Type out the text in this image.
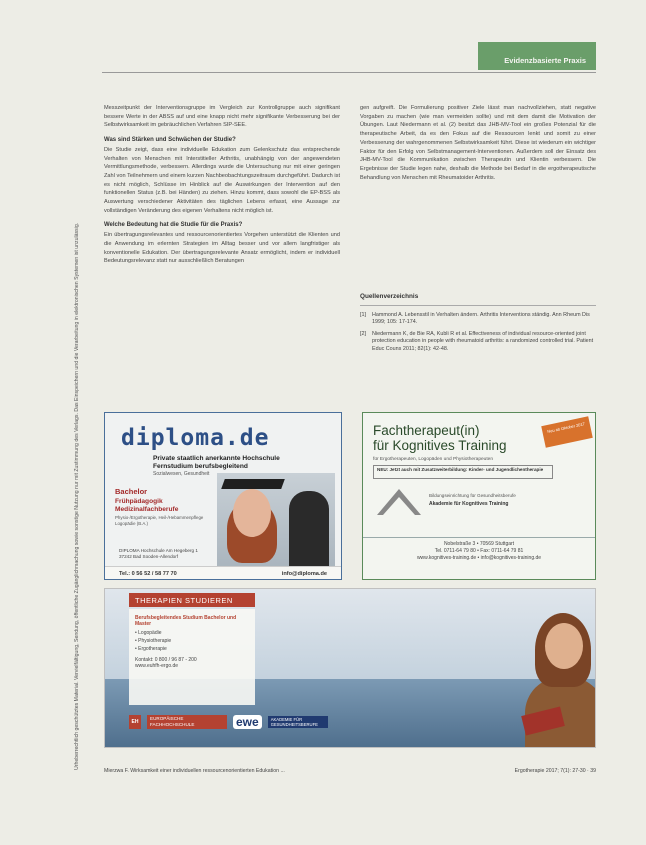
Urheberrechtlich geschütztes Material. Vervielfältigung, Sendung, öffentliche Zugänglichmachung sowie sonstige Nutzung nur mit Zustimmung des Verlags. Das Einspeichern und die Verarbeitung in elektronischen Systemen ist unzulässig.
Evidenzbasierte Praxis

Messzeitpunkt der Interventionsgruppe im Vergleich zur Kontrollgruppe auch signifikant bessere Werte in der ABSS auf und eine knapp nicht mehr signifikante Verbesserung bei der Selbstwirksamkeit im gebräuchlichen Verfahren SIP-SEE.

Was sind Stärken und Schwächen der Studie?

Die Studie zeigt, dass eine individuelle Edukation zum Gelenkschutz das entsprechende Verhalten von Menschen mit Interstitieller Arthritis, unabhängig von der angewendeten Vermittlungsmethode, verbessern. Allerdings wurde die Untersuchung nur mit einer geringen Zahl von Teilnehmern und einem kurzen Nachbeobachtungszeitraum durchgeführt. Dadurch ist es nicht möglich, Schlüsse im Hinblick auf die Auswirkungen der Intervention auf den funktionellen Status (z.B. bei Händen) zu ziehen. Hinzu kommt, dass sowohl die EP-BSS als Auswertung verschiedener Aktivitäten des täglichen Lebens erfasst, eine Aussage zur vollständigen Veränderung des eigenen Verhaltens nicht möglich ist.

Welche Bedeutung hat die Studie für die Praxis?

Ein übertragungsrelevantes und ressourcenorientiertes Vorgehen unterstützt die Klienten und die Anwendung im erlernten Strategien im Alltag besser und vor allem langfristiger als konventionelle Edukation. Der übertragungsrelevante Ansatz ermöglicht, indem er individuell Bedeutungsrelevanz statt nur ausschließlich Beratungen

gen aufgreift. Die Formulierung positiver Ziele lässt man nachvollziehen, statt negative Vorgaben zu machen (wie man vermeiden sollte) und mit dem damit die Motivation der Übungen. Laut Niedermann et al. (2) besitzt das JHB-MV-Tool ein großes Potenzial für die therapeutische Arbeit, da es den Fokus auf die Ressourcen lenkt und somit zu einer Verbesserung der wahrgenommenen Selbstwirksamkeit führt. Diese ist wiederum ein wichtiger Faktor für den Erfolg von Selbstmanagement-Interventionen. Außerdem soll der Einsatz des JHB-MV-Tool die Kommunikation zwischen Therapeutin und Klientin verbessern. Die Ergebnisse der Studie legen nahe, deshalb die Methode bei Bedarf in die ergotherapeutische Behandlung von Menschen mit Rheumatoider Arthritis.

Quellenverzeichnis
[1] Hammond A. Lebensstil in Verhalten ändern. Arthritis Interventions ständig. Ann Rheum Dis 1999; 105: 17-174.
[2] Niedermann K, de Bie RA, Kubli R et al. Effectiveness of individual resource-oriented joint protection education in people with rheumatoid arthritis: a randomized controlled trial. Patient Educ Couns 2011; 82(1): 42-48.
diploma.de
Private staatlich anerkannte Hochschule
Fernstudium berufsbegleitend
Sozialwesen, Gesundheit
Bachelor
Frühpädagogik Medizinalfachberufe
Physio-/Ergotherapie, Heil-/Hebammenpflege Logopädie (B.A.)
DIPLOMA Hochschule Am Hegeberg 1 37242 Bad Sooden-Allendorf
Tel.: 0 56 52 / 58 77 70	info@diploma.de
Fachtherapeut(in)
für Kognitives Training
Neu ab Oktober 2017
für Ergotherapeuten, Logopäden und Physiotherapeuten
NEU: Jetzt auch mit Zusatzweiterbildung: Kinder- und Jugendlichentherapie
Bildungseinrichtung für Gesundheitsberufe
Akademie für Kognitives Training
Nobelstraße 3 • 70569 Stuttgart
Tel. 0711-64 79 80 • Fax: 0711-64 79 81
www.kognitives-training.de • info@kognitives-training.de
THERAPIEN STUDIEREN
Berufsbegleitendes Studium Bachelor und Master
• Logopädie
• Physiotherapie
• Ergotherapie
Kontakt: 0 800 / 96 87 - 200
www.euhfh-ergo.de
EH
EUROPÄISCHE FACHHOCHSCHULE	ewe	AKADEMIE FÜR GESUNDHEITSBERUFE
Mierzwa F. Wirksamkeit einer individuellen ressourcenorientierten Edukation ...	Ergotherapie 2017; 7(1): 27-30 · 39
